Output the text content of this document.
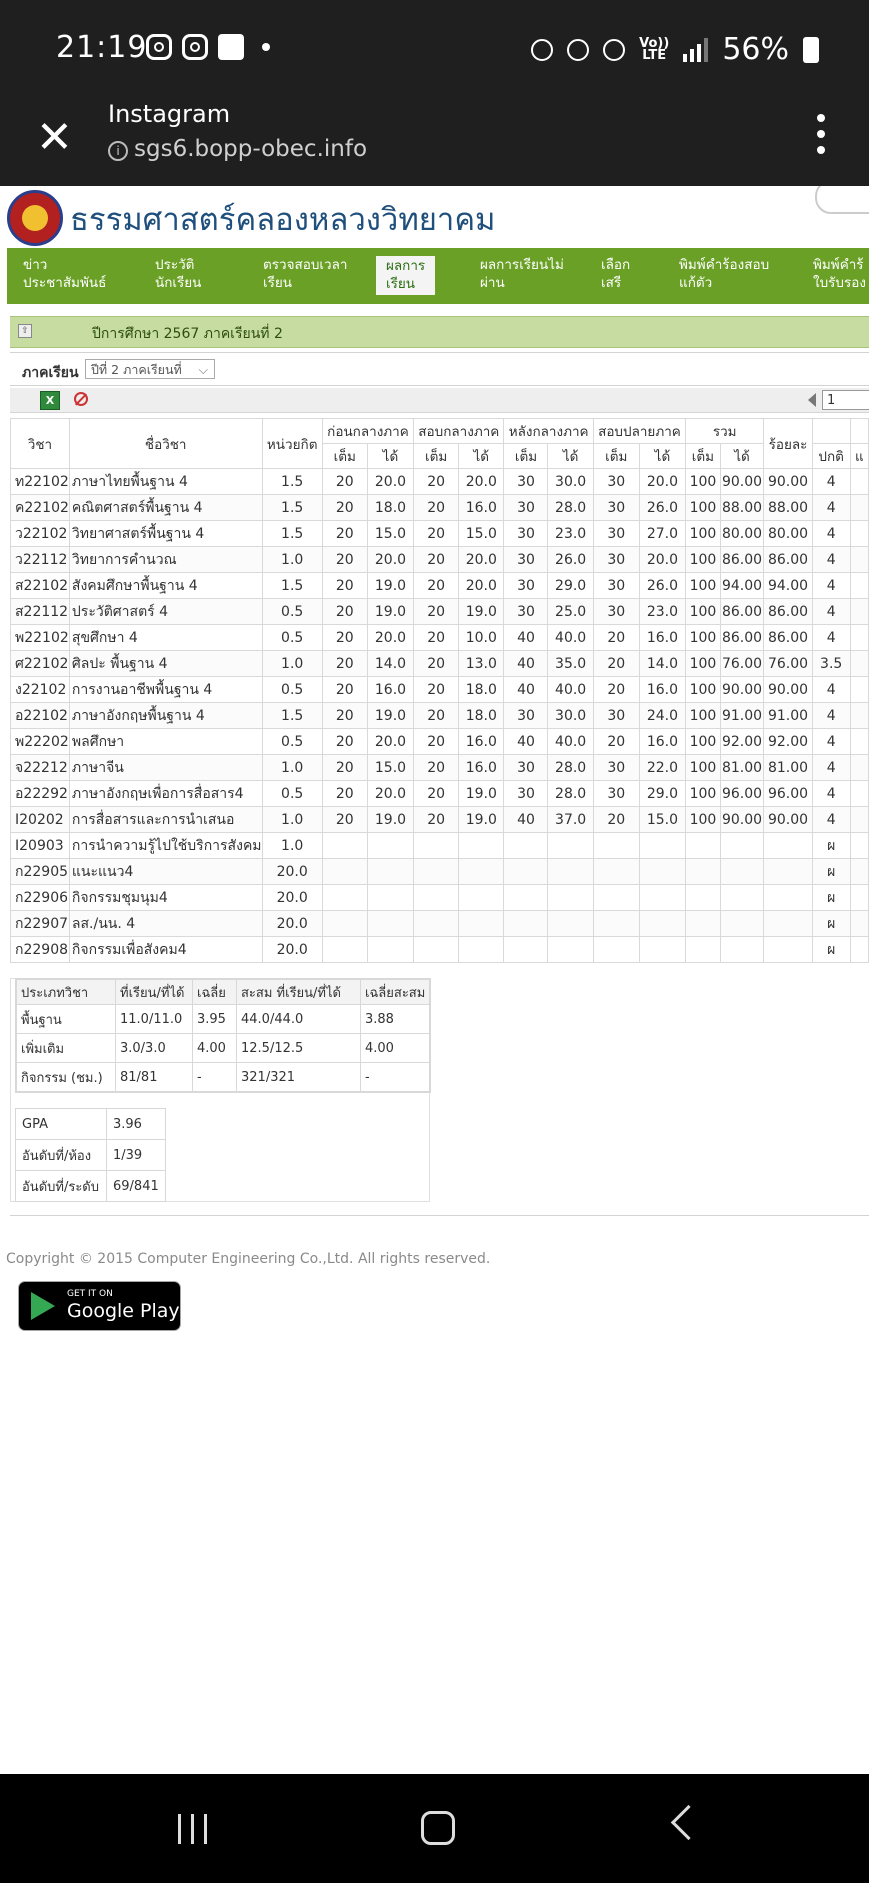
21:19	Vo))
LTE 56%
✕ Instagram
i sgs6.bopp-obec.info
ธรรมศาสตร์คลองหลวงวิทยาคม
ข่าว
ประชาสัมพันธ์
ประวัติ
นักเรียน
ตรวจสอบเวลา
เรียน
ผลการ
เรียน
ผลการเรียนไม่
ผ่าน
เลือก
เสรี
พิมพ์คำร้องสอบ
แก้ตัว
พิมพ์คำร้
ใบรับรอง
⇧	ปีการศึกษา 2567 ภาคเรียนที่ 2
ภาคเรียน ปีที่ 2 ภาคเรียนที่ ⌵
X	1
วิชา	ชื่อวิชา	หน่วยกิต	ก่อนกลางภาค		สอบกลางภาค		หลังกลางภาค		สอบปลายภาค		รวม		ร้อยละ		
			เต็ม	ได้	เต็ม	ได้	เต็ม	ได้	เต็ม	ได้	เต็ม	ได้		ปกติ	แ
ท22102	ภาษาไทยพื้นฐาน 4	1.5	20	20.0	20	20.0	30	30.0	30	20.0	100	90.00	90.00	4	
ค22102	คณิตศาสตร์พื้นฐาน 4	1.5	20	18.0	20	16.0	30	28.0	30	26.0	100	88.00	88.00	4	
ว22102	วิทยาศาสตร์พื้นฐาน 4	1.5	20	15.0	20	15.0	30	23.0	30	27.0	100	80.00	80.00	4	
ว22112	วิทยาการคำนวณ	1.0	20	20.0	20	20.0	30	26.0	30	20.0	100	86.00	86.00	4	
ส22102	สังคมศึกษาพื้นฐาน 4	1.5	20	19.0	20	20.0	30	29.0	30	26.0	100	94.00	94.00	4	
ส22112	ประวัติศาสตร์ 4	0.5	20	19.0	20	19.0	30	25.0	30	23.0	100	86.00	86.00	4	
พ22102	สุขศึกษา 4	0.5	20	20.0	20	10.0	40	40.0	20	16.0	100	86.00	86.00	4	
ศ22102	ศิลปะ พื้นฐาน 4	1.0	20	14.0	20	13.0	40	35.0	20	14.0	100	76.00	76.00	3.5	
ง22102	การงานอาชีพพื้นฐาน 4	0.5	20	16.0	20	18.0	40	40.0	20	16.0	100	90.00	90.00	4	
อ22102	ภาษาอังกฤษพื้นฐาน 4	1.5	20	19.0	20	18.0	30	30.0	30	24.0	100	91.00	91.00	4	
พ22202	พลศึกษา	0.5	20	20.0	20	16.0	40	40.0	20	16.0	100	92.00	92.00	4	
จ22212	ภาษาจีน	1.0	20	15.0	20	16.0	30	28.0	30	22.0	100	81.00	81.00	4	
อ22292	ภาษาอังกฤษเพื่อการสื่อสาร4	0.5	20	20.0	20	19.0	30	28.0	30	29.0	100	96.00	96.00	4	
I20202	การสื่อสารและการนำเสนอ	1.0	20	19.0	20	19.0	40	37.0	20	15.0	100	90.00	90.00	4	
I20903	การนำความรู้ไปใช้บริการสังคม	1.0												ผ	
ก22905	แนะแนว4	20.0												ผ	
ก22906	กิจกรรมชุมนุม4	20.0												ผ	
ก22907	ลส./นน. 4	20.0												ผ	
ก22908	กิจกรรมเพื่อสังคม4	20.0												ผ	
ประเภทวิชา	ที่เรียน/ที่ได้	เฉลี่ย	สะสม ที่เรียน/ที่ได้	เฉลี่ยสะสม
พื้นฐาน	11.0/11.0	3.95	44.0/44.0	3.88
เพิ่มเติม	3.0/3.0	4.00	12.5/12.5	4.00
กิจกรรม (ชม.)	81/81	-	321/321	-
GPA	3.96
อันดับที่/ห้อง	1/39
อันดับที่/ระดับ	69/841
Copyright © 2015 Computer Engineering Co.,Ltd. All rights reserved.
GET IT ON
Google Play
